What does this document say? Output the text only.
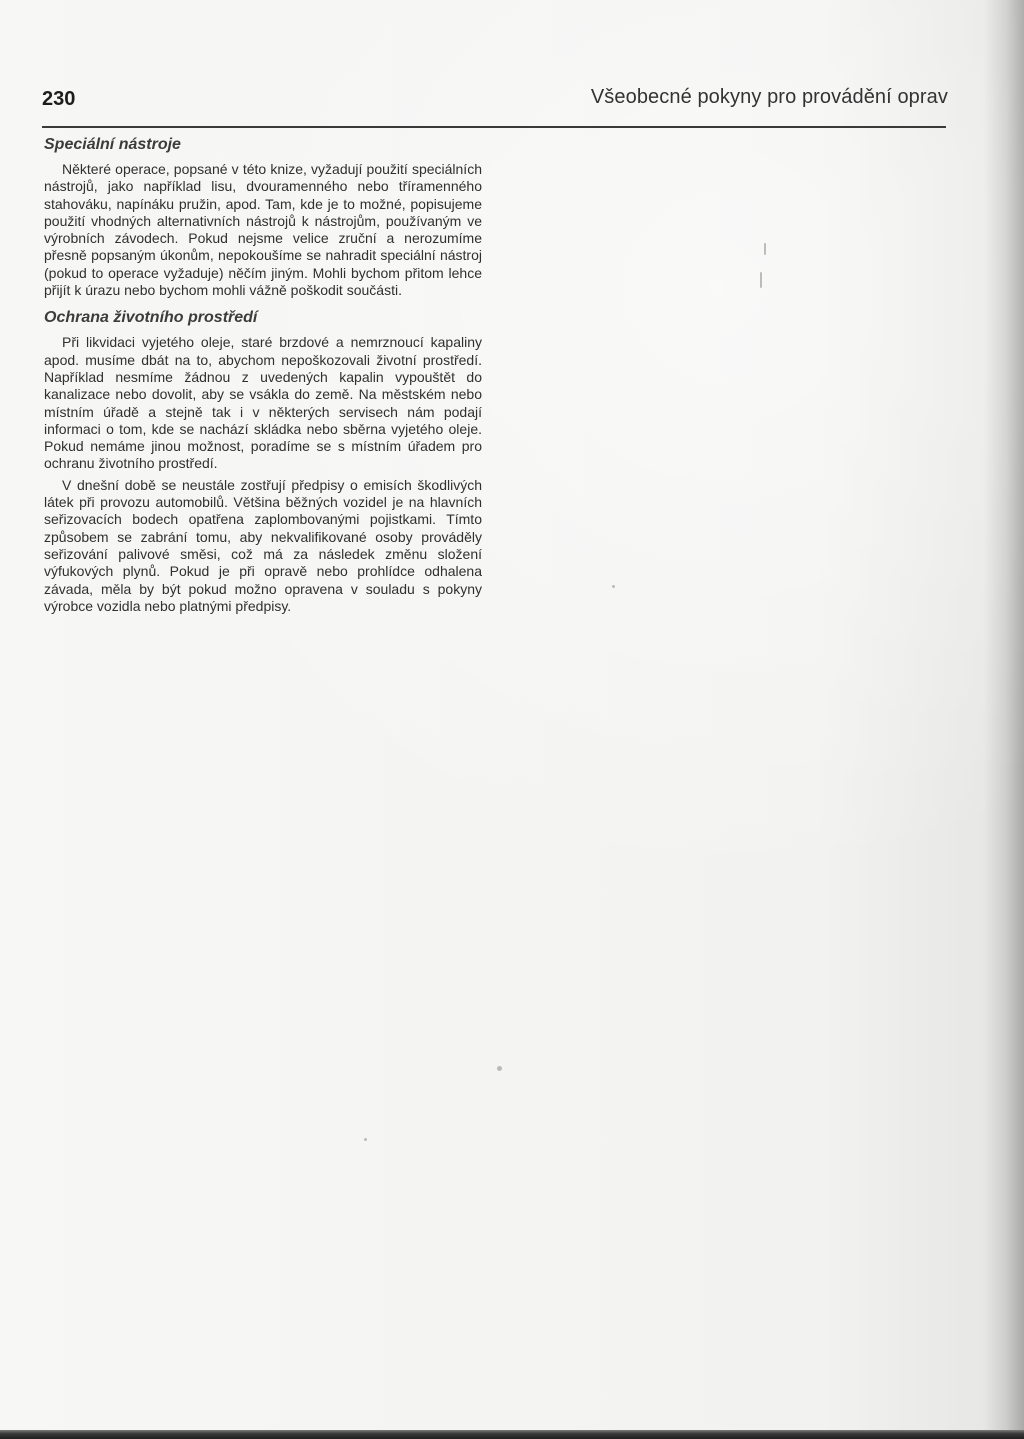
230	Všeobecné pokyny pro provádění oprav
Speciální nástroje

Některé operace, popsané v této knize, vyžadují použití speciálních nástrojů, jako například lisu, dvouramenného nebo tříramenného stahováku, napínáku pružin, apod. Tam, kde je to možné, popisujeme použití vhodných alternativních nástrojů k nástrojům, používaným ve výrobních závodech. Pokud nejsme velice zruční a nerozumíme přesně popsaným úkonům, nepokoušíme se nahradit speciální nástroj (pokud to operace vyžaduje) něčím jiným. Mohli bychom přitom lehce přijít k úrazu nebo bychom mohli vážně poškodit součásti.

Ochrana životního prostředí

Při likvidaci vyjetého oleje, staré brzdové a nemrznoucí kapaliny apod. musíme dbát na to, abychom nepoškozovali životní prostředí. Například nesmíme žádnou z uvedených kapalin vypouštět do kanalizace nebo dovolit, aby se vsákla do země. Na městském nebo místním úřadě a stejně tak i v některých servisech nám podají informaci o tom, kde se nachází skládka nebo sběrna vyjetého oleje. Pokud nemáme jinou možnost, poradíme se s místním úřadem pro ochranu životního prostředí.

V dnešní době se neustále zostřují předpisy o emisích škodlivých látek při provozu automobilů. Většina běžných vozidel je na hlavních seřizovacích bodech opatřena zaplombovanými pojistkami. Tímto způsobem se zabrání tomu, aby nekvalifikované osoby prováděly seřizování palivové směsi, což má za následek změnu složení výfukových plynů. Pokud je při opravě nebo prohlídce odhalena závada, měla by být pokud možno opravena v souladu s pokyny výrobce vozidla nebo platnými předpisy.
